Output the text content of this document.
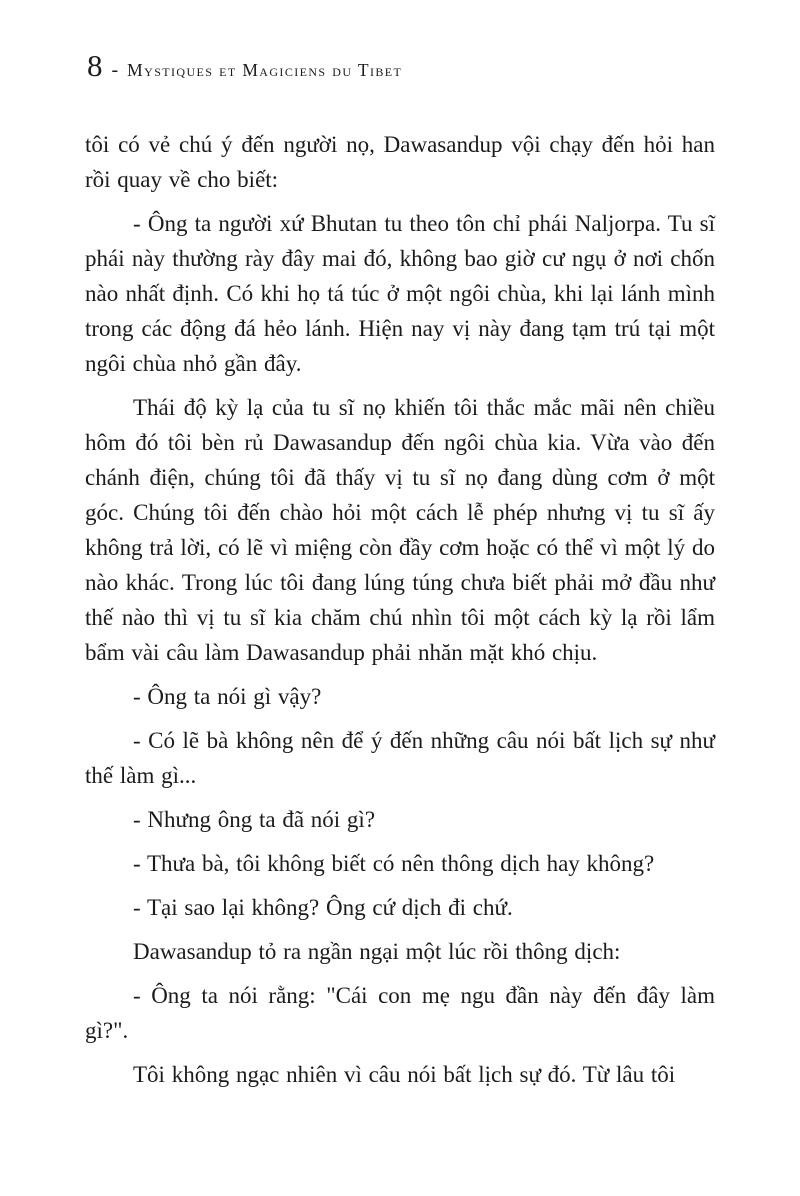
8 - Mystiques et Magiciens du Tibet

tôi có vẻ chú ý đến người nọ, Dawasandup vội chạy đến hỏi han rồi quay về cho biết:

- Ông ta người xứ Bhutan tu theo tôn chỉ phái Naljorpa. Tu sĩ phái này thường rày đây mai đó, không bao giờ cư ngụ ở nơi chốn nào nhất định. Có khi họ tá túc ở một ngôi chùa, khi lại lánh mình trong các động đá hẻo lánh. Hiện nay vị này đang tạm trú tại một ngôi chùa nhỏ gần đây.

Thái độ kỳ lạ của tu sĩ nọ khiến tôi thắc mắc mãi nên chiều hôm đó tôi bèn rủ Dawasandup đến ngôi chùa kia. Vừa vào đến chánh điện, chúng tôi đã thấy vị tu sĩ nọ đang dùng cơm ở một góc. Chúng tôi đến chào hỏi một cách lễ phép nhưng vị tu sĩ ấy không trả lời, có lẽ vì miệng còn đầy cơm hoặc có thể vì một lý do nào khác. Trong lúc tôi đang lúng túng chưa biết phải mở đầu như thế nào thì vị tu sĩ kia chăm chú nhìn tôi một cách kỳ lạ rồi lẩm bẩm vài câu làm Dawasandup phải nhăn mặt khó chịu.

- Ông ta nói gì vậy?

- Có lẽ bà không nên để ý đến những câu nói bất lịch sự như thế làm gì...

- Nhưng ông ta đã nói gì?

- Thưa bà, tôi không biết có nên thông dịch hay không?

- Tại sao lại không? Ông cứ dịch đi chứ.

Dawasandup tỏ ra ngần ngại một lúc rồi thông dịch:

- Ông ta nói rằng: "Cái con mẹ ngu đần này đến đây làm gì?".

Tôi không ngạc nhiên vì câu nói bất lịch sự đó. Từ lâu tôi
